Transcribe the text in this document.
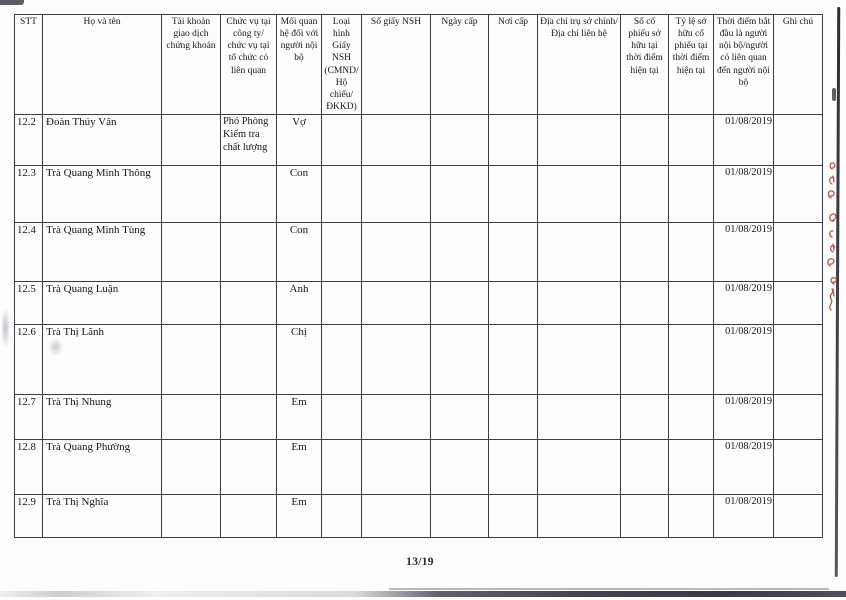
STT	Họ và tên	Tài khoản giao dịch chứng khoán	Chức vụ tại công ty/ chức vụ tại tổ chức có liên quan	Mối quan hệ đối với người nội bộ	Loại hình Giấy NSH (CMND/ Hộ chiếu/ ĐKKD)	Số giấy NSH	Ngày cấp	Nơi cấp	Địa chỉ trụ sở chính/Địa chỉ liên hệ	Số cổ phiếu sở hữu tại thời điểm hiện tại	Tỷ lệ sở hữu cổ phiếu tại thời điểm hiện tại	Thời điểm bắt đầu là người nội bộ/người có liên quan đến người nội bộ	Ghi chú
12.2	Đoàn Thúy Vân		Phó Phòng Kiểm tra chất lượng	Vợ								01/08/2019	
12.3	Trà Quang Minh Thông			Con								01/08/2019	
12.4	Trà Quang Minh Tùng			Con								01/08/2019	
12.5	Trà Quang Luận			Anh								01/08/2019	
12.6	Trà Thị Lãnh			Chị								01/08/2019	
12.7	Trà Thị Nhung			Em								01/08/2019	
12.8	Trà Quang Phường			Em								01/08/2019	
12.9	Trà Thị Nghĩa			Em								01/08/2019	
13/19
